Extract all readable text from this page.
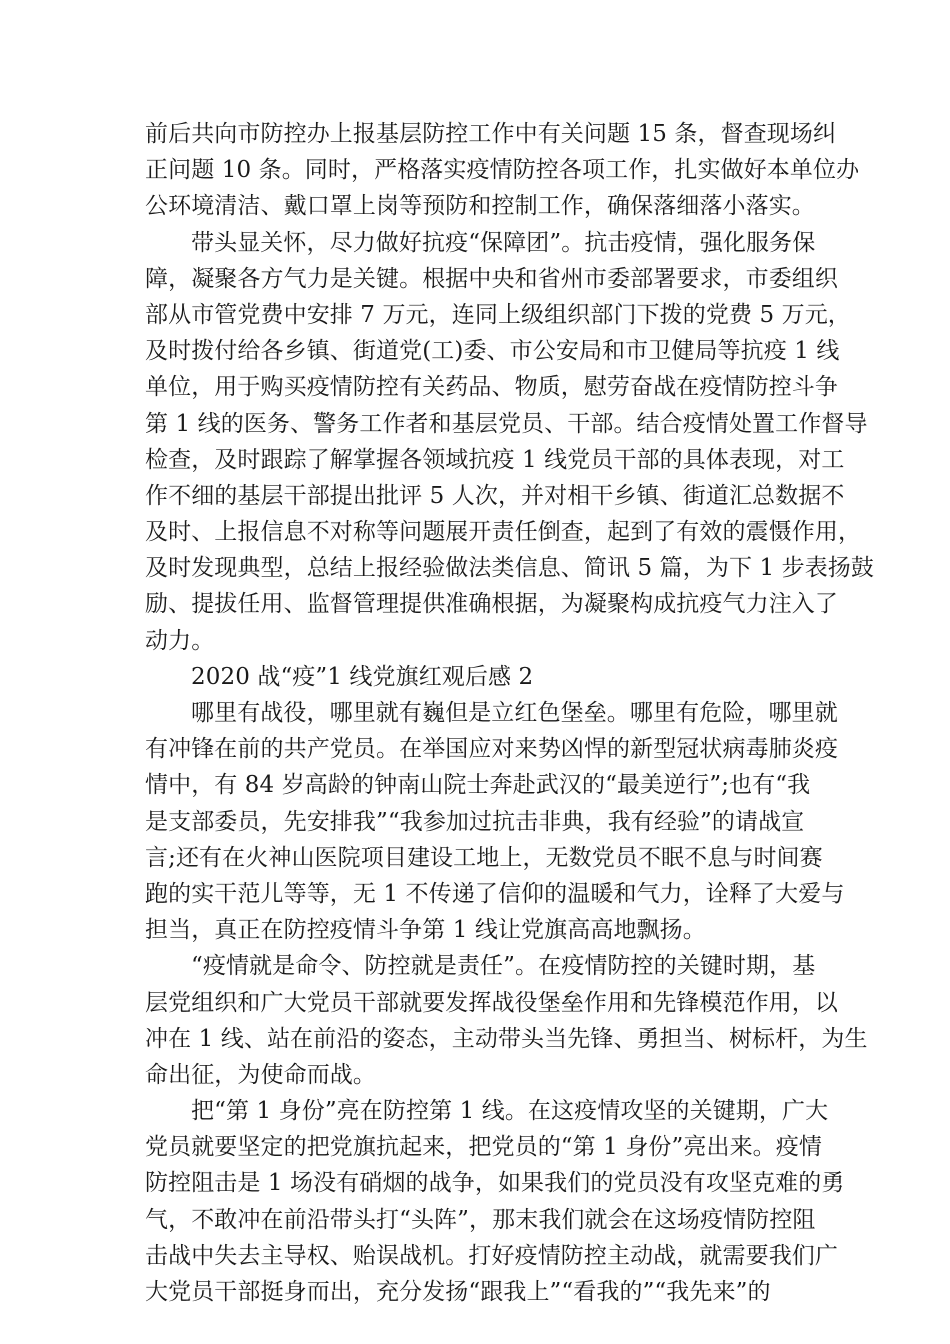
前后共向市防控办上报基层防控工作中有关问题 15 条，督查现场纠
正问题 10 条。同时，严格落实疫情防控各项工作，扎实做好本单位办
公环境清洁、戴口罩上岗等预防和控制工作，确保落细落小落实。
带头显关怀，尽力做好抗疫“保障团”。抗击疫情，强化服务保
障，凝聚各方气力是关键。根据中央和省州市委部署要求，市委组织
部从市管党费中安排 7 万元，连同上级组织部门下拨的党费 5 万元，
及时拨付给各乡镇、街道党(工)委、市公安局和市卫健局等抗疫 1 线
单位，用于购买疫情防控有关药品、物质，慰劳奋战在疫情防控斗争
第 1 线的医务、警务工作者和基层党员、干部。结合疫情处置工作督导
检查，及时跟踪了解掌握各领域抗疫 1 线党员干部的具体表现，对工
作不细的基层干部提出批评 5 人次，并对相干乡镇、街道汇总数据不
及时、上报信息不对称等问题展开责任倒查，起到了有效的震慑作用，
及时发现典型，总结上报经验做法类信息、简讯 5 篇，为下 1 步表扬鼓
励、提拔任用、监督管理提供准确根据，为凝聚构成抗疫气力注入了
动力。
2020 战“疫”1 线党旗红观后感 2
哪里有战役，哪里就有巍但是立红色堡垒。哪里有危险，哪里就
有冲锋在前的共产党员。在举国应对来势凶悍的新型冠状病毒肺炎疫
情中，有 84 岁高龄的钟南山院士奔赴武汉的“最美逆行”;也有“我
是支部委员，先安排我”“我参加过抗击非典，我有经验”的请战宣
言;还有在火神山医院项目建设工地上，无数党员不眠不息与时间赛
跑的实干范儿等等，无 1 不传递了信仰的温暖和气力，诠释了大爱与
担当，真正在防控疫情斗争第 1 线让党旗高高地飘扬。
“疫情就是命令、防控就是责任”。在疫情防控的关键时期，基
层党组织和广大党员干部就要发挥战役堡垒作用和先锋模范作用，以
冲在 1 线、站在前沿的姿态，主动带头当先锋、勇担当、树标杆，为生
命出征，为使命而战。
把“第 1 身份”亮在防控第 1 线。在这疫情攻坚的关键期，广大
党员就要坚定的把党旗抗起来，把党员的“第 1 身份”亮出来。疫情
防控阻击是 1 场没有硝烟的战争，如果我们的党员没有攻坚克难的勇
气，不敢冲在前沿带头打“头阵”，那末我们就会在这场疫情防控阻
击战中失去主导权、贻误战机。打好疫情防控主动战，就需要我们广
大党员干部挺身而出，充分发扬“跟我上”“看我的”“我先来”的
